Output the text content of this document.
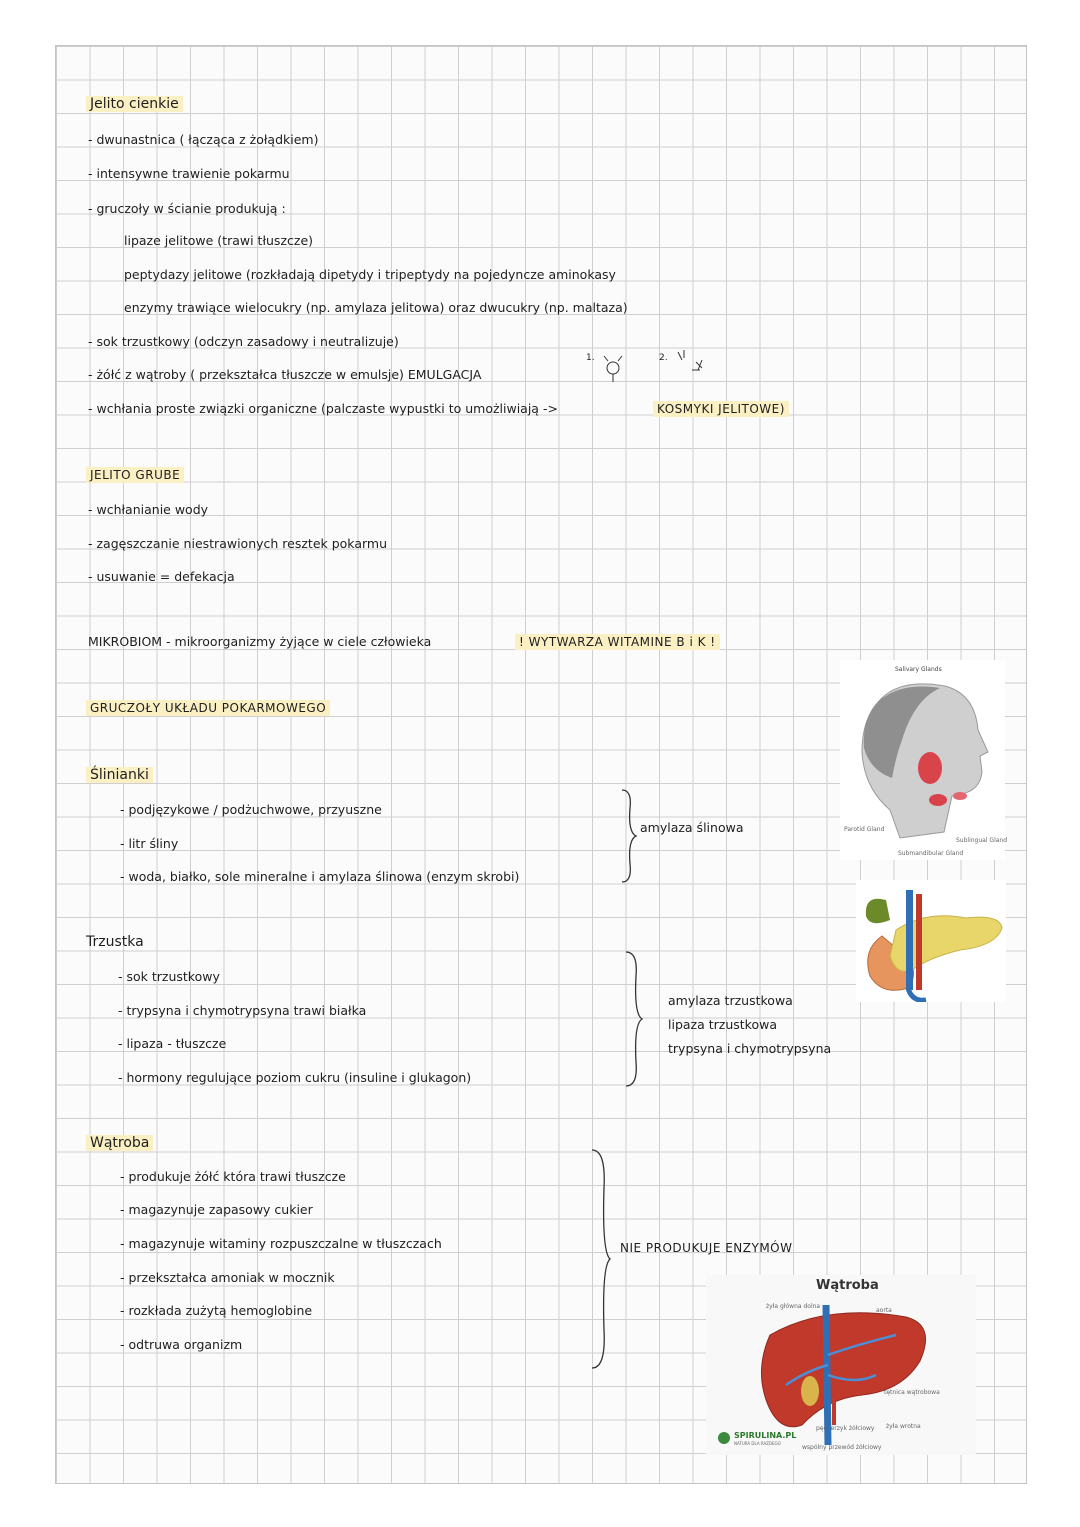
Jelito cienkie
- dwunastnica ( łącząca z żołądkiem)
- intensywne trawienie pokarmu
- gruczoły w ścianie produkują :
lipaze jelitowe (trawi tłuszcze)
peptydazy jelitowe (rozkładają dipetydy i tripeptydy na pojedyncze aminokasy
enzymy trawiące wielocukry (np. amylaza jelitowa) oraz dwucukry (np. maltaza)
- sok trzustkowy (odczyn zasadowy i neutralizuje)
- żółć z wątroby ( przekształca tłuszcze w emulsje) EMULGACJA
- wchłania proste związki organiczne (palczaste wypustki to umożliwiają ->	KOSMYKI JELITOWE)
1.	2.
JELITO GRUBE
- wchłanianie wody
- zagęszczanie niestrawionych resztek pokarmu
- usuwanie = defekacja
MIKROBIOM - mikroorganizmy żyjące w ciele człowieka	! WYTWARZA WITAMINE B i K !
GRUCZOŁY UKŁADU POKARMOWEGO
Ślinianki
- podjęzykowe / podżuchwowe, przyuszne
- litr śliny
- woda, białko, sole mineralne i amylaza ślinowa (enzym skrobi)
amylaza ślinowa
Salivary Glands
Parotid Gland
Submandibular Gland
Sublingual Gland
Trzustka
- sok trzustkowy
- trypsyna i chymotrypsyna trawi białka
- lipaza - tłuszcze
- hormony regulujące poziom cukru (insuline i glukagon)
amylaza trzustkowa
lipaza trzustkowa
trypsyna i chymotrypsyna
Wątroba
- produkuje żółć która trawi tłuszcze
- magazynuje zapasowy cukier
- magazynuje witaminy rozpuszczalne w tłuszczach
- przekształca amoniak w mocznik
- rozkłada zużytą hemoglobine
- odtruwa organizm
NIE PRODUKUJE ENZYMÓW
Wątroba
żyła główna dolna
aorta
tętnica wątrobowa
żyła wrotna
pęcherzyk żółciowy
wspólny przewód żółciowy
SPIRULINA.PL
NATURA DLA RAZDEGO
